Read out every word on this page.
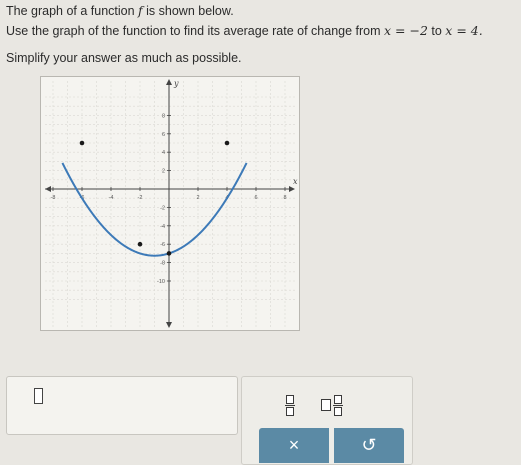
The graph of a function f is shown below.
Use the graph of the function to find its average rate of change from x = −2 to x = 4.
Simplify your answer as much as possible.
x
y
-8	-6	-4	-2	2	4	6	8
8
6
4
2
-2
-4
-6
-8
-10
×	↺
